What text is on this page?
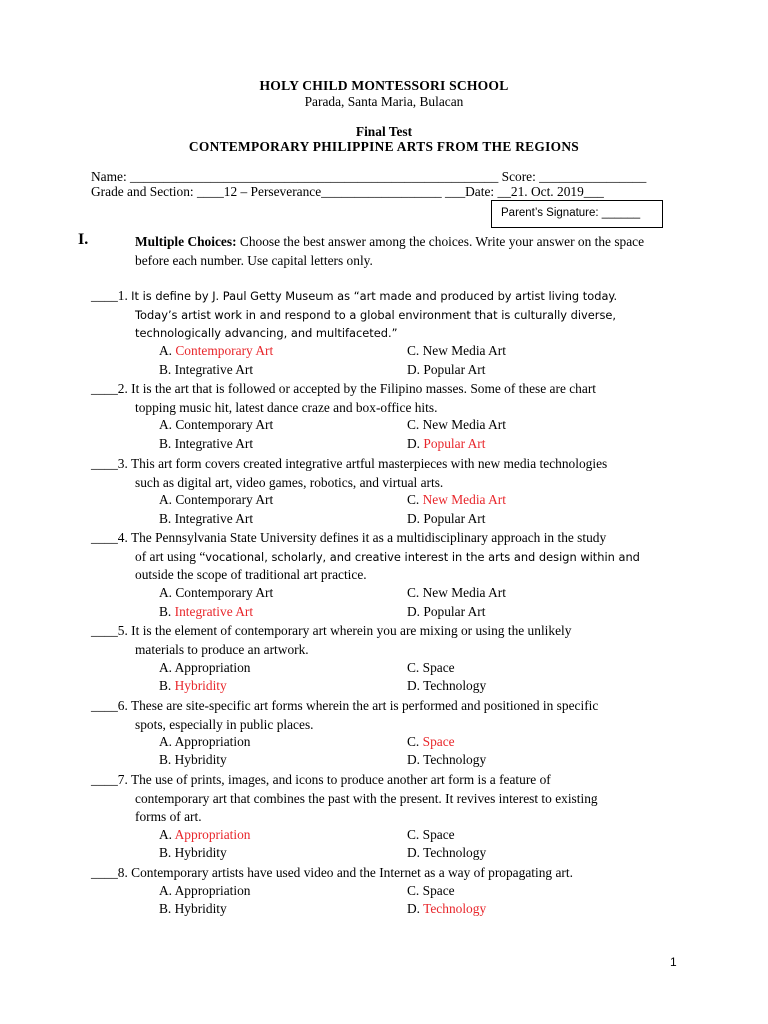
HOLY CHILD MONTESSORI SCHOOL
Parada, Santa Maria, Bulacan
Final Test
CONTEMPORARY PHILIPPINE ARTS FROM THE REGIONS
Name: _______________________________________________________ Score: ________________
Grade and Section: ____12 – Perseverance__________________ ___Date: __21. Oct. 2019___
Parent’s Signature: ______
I.	Multiple Choices: Choose the best answer among the choices. Write your answer on the space before each number. Use capital letters only.
____1. It is define by J. Paul Getty Museum as “art made and produced by artist living today.
Today’s artist work in and respond to a global environment that is culturally diverse,
technologically advancing, and multifaceted.”
A. Contemporary Art	C. New Media Art
B. Integrative Art	D. Popular Art
____2. It is the art that is followed or accepted by the Filipino masses. Some of these are chart
topping music hit, latest dance craze and box-office hits.
A. Contemporary Art	C. New Media Art
B. Integrative Art	D. Popular Art
____3. This art form covers created integrative artful masterpieces with new media technologies
such as digital art, video games, robotics, and virtual arts.
A. Contemporary Art	C. New Media Art
B. Integrative Art	D. Popular Art
____4. The Pennsylvania State University defines it as a multidisciplinary approach in the study
of art using “vocational, scholarly, and creative interest in the arts and design within and
outside the scope of traditional art practice.
A. Contemporary Art	C. New Media Art
B. Integrative Art	D. Popular Art
____5. It is the element of contemporary art wherein you are mixing or using the unlikely
materials to produce an artwork.
A. Appropriation	C. Space
B. Hybridity	D. Technology
____6. These are site-specific art forms wherein the art is performed and positioned in specific
spots, especially in public places.
A. Appropriation	C. Space
B. Hybridity	D. Technology
____7. The use of prints, images, and icons to produce another art form is a feature of
contemporary art that combines the past with the present. It revives interest to existing
forms of art.
A. Appropriation	C. Space
B. Hybridity	D. Technology
____8. Contemporary artists have used video and the Internet as a way of propagating art.
A. Appropriation	C. Space
B. Hybridity	D. Technology
1
